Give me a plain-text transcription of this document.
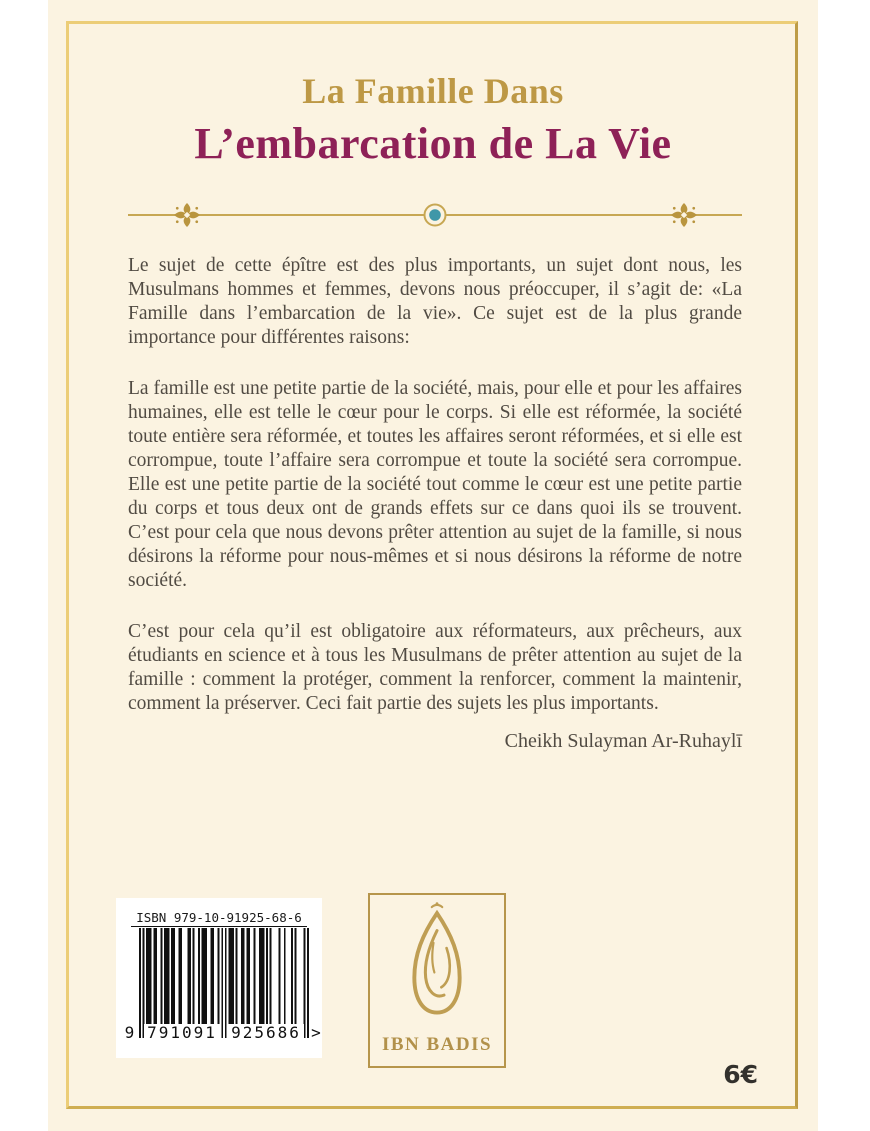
La Famille Dans
L’embarcation de La Vie

Le sujet de cette épître est des plus importants, un sujet dont nous, les Musulmans hommes et femmes, devons nous préoccuper, il s’agit de: «La Famille dans l’embarcation de la vie». Ce sujet est de la plus grande importance pour différentes raisons:

La famille est une petite partie de la société, mais, pour elle et pour les affaires humaines, elle est telle le cœur pour le corps. Si elle est réformée, la société toute entière sera réformée, et toutes les affaires seront réformées, et si elle est corrompue, toute l’affaire sera corrompue et toute la société sera corrompue. Elle est une petite partie de la société tout comme le cœur est une petite partie du corps et tous deux ont de grands effets sur ce dans quoi ils se trouvent. C’est pour cela que nous devons prêter attention au sujet de la famille, si nous désirons la réforme pour nous-mêmes et si nous désirons la réforme de notre société.

C’est pour cela qu’il est obligatoire aux réformateurs, aux prêcheurs, aux étudiants en science et à tous les Musulmans de prêter attention au sujet de la famille : comment la protéger, comment la renforcer, comment la maintenir, comment la préserver. Ceci fait partie des sujets les plus importants.

Cheikh Sulayman Ar-Ruhaylī
ISBN 979-10-91925-68-6
9 791091 925686 >
IBN BADIS
6€
